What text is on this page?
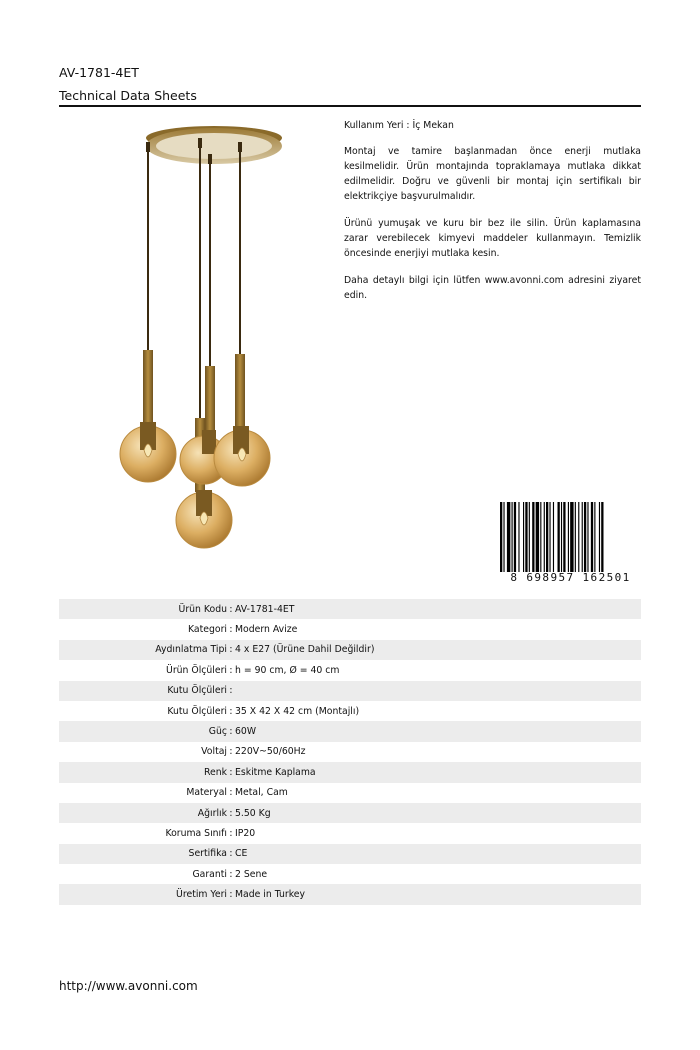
AV-1781-4ET
Technical Data Sheets

Kullanım Yeri : İç Mekan

Montaj ve tamire başlanmadan önce enerji mutlaka kesilmelidir. Ürün montajında topraklamaya mutlaka dikkat edilmelidir. Doğru ve güvenli bir montaj için sertifikalı bir elektrikçiye başvurulmalıdır.

Ürünü yumuşak ve kuru bir bez ile silin. Ürün kaplamasına zarar verebilecek kimyevi maddeler kullanmayın. Temizlik öncesinde enerjiyi mutlaka kesin.

Daha detaylı bilgi için lütfen www.avonni.com adresini ziyaret edin.

8 698957 162501
Ürün Kodu : AV-1781-4ET
Kategori : Modern Avize
Aydınlatma Tipi : 4 x E27 (Ürüne Dahil Değildir)
Ürün Ölçüleri : h = 90 cm, Ø = 40 cm
Kutu Ölçüleri :
Kutu Ölçüleri : 35 X 42 X 42 cm (Montajlı)
Güç : 60W
Voltaj : 220V~50/60Hz
Renk : Eskitme Kaplama
Materyal : Metal, Cam
Ağırlık : 5.50 Kg
Koruma Sınıfı : IP20
Sertifika : CE
Garanti : 2 Sene
Üretim Yeri : Made in Turkey
http://www.avonni.com
